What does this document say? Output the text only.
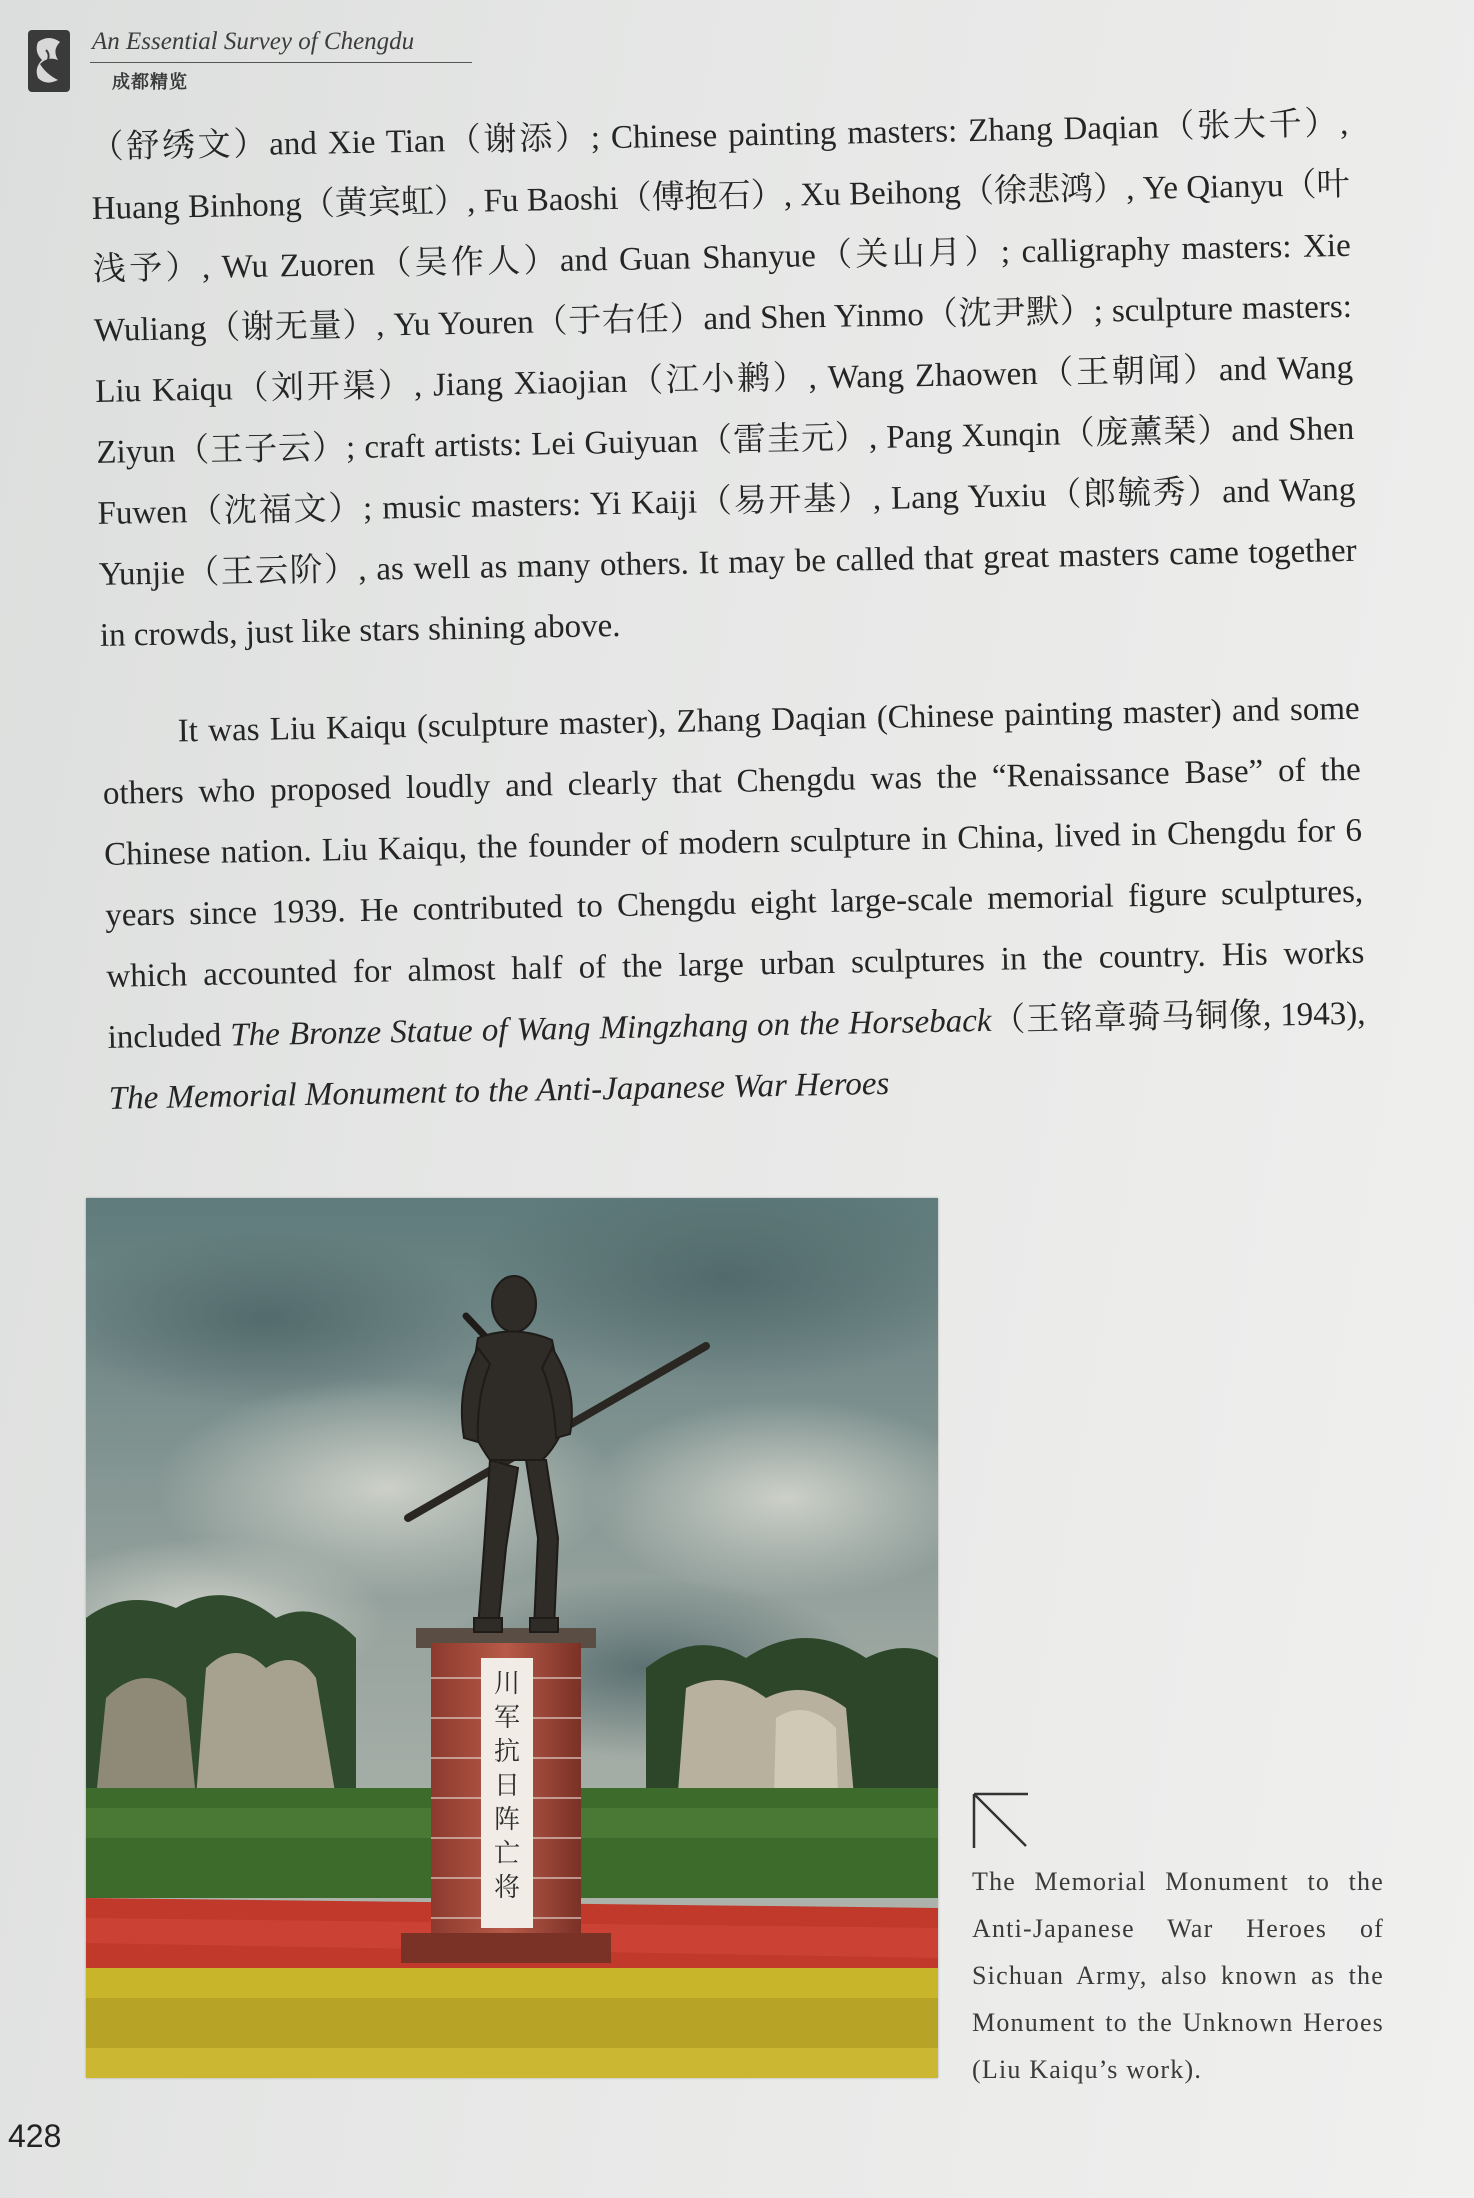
An Essential Survey of Chengdu
成都精览

（舒绣文）and Xie Tian（谢添）; Chinese painting masters: Zhang Daqian（张大千）, Huang Binhong（黄宾虹）, Fu Baoshi（傅抱石）, Xu Beihong（徐悲鸿）, Ye Qianyu（叶浅予）, Wu Zuoren（吴作人）and Guan Shanyue（关山月）; calligraphy masters: Xie Wuliang（谢无量）, Yu Youren（于右任）and Shen Yinmo（沈尹默）; sculpture masters: Liu Kaiqu（刘开渠）, Jiang Xiaojian（江小鹣）, Wang Zhaowen（王朝闻）and Wang Ziyun（王子云）; craft artists: Lei Guiyuan（雷圭元）, Pang Xunqin（庞薰琹）and Shen Fuwen（沈福文）; music masters: Yi Kaiji（易开基）, Lang Yuxiu（郎毓秀）and Wang Yunjie（王云阶）, as well as many others. It may be called that great masters came together in crowds, just like stars shining above.

It was Liu Kaiqu (sculpture master), Zhang Daqian (Chinese painting master) and some others who proposed loudly and clearly that Chengdu was the “Renaissance Base” of the Chinese nation. Liu Kaiqu, the founder of modern sculpture in China, lived in Chengdu for 6 years since 1939. He contributed to Chengdu eight large-scale memorial figure sculptures, which accounted for almost half of the large urban sculptures in the country. His works included The Bronze Statue of Wang Mingzhang on the Horseback（王铭章骑马铜像, 1943), The Memorial Monument to the Anti-Japanese War Heroes

川
军
抗
日
阵
亡
将	The Memorial Monument to the Anti-Japanese War Heroes of Sichuan Army, also known as the Monument to the Unknown Heroes (Liu Kaiqu’s work).
428
